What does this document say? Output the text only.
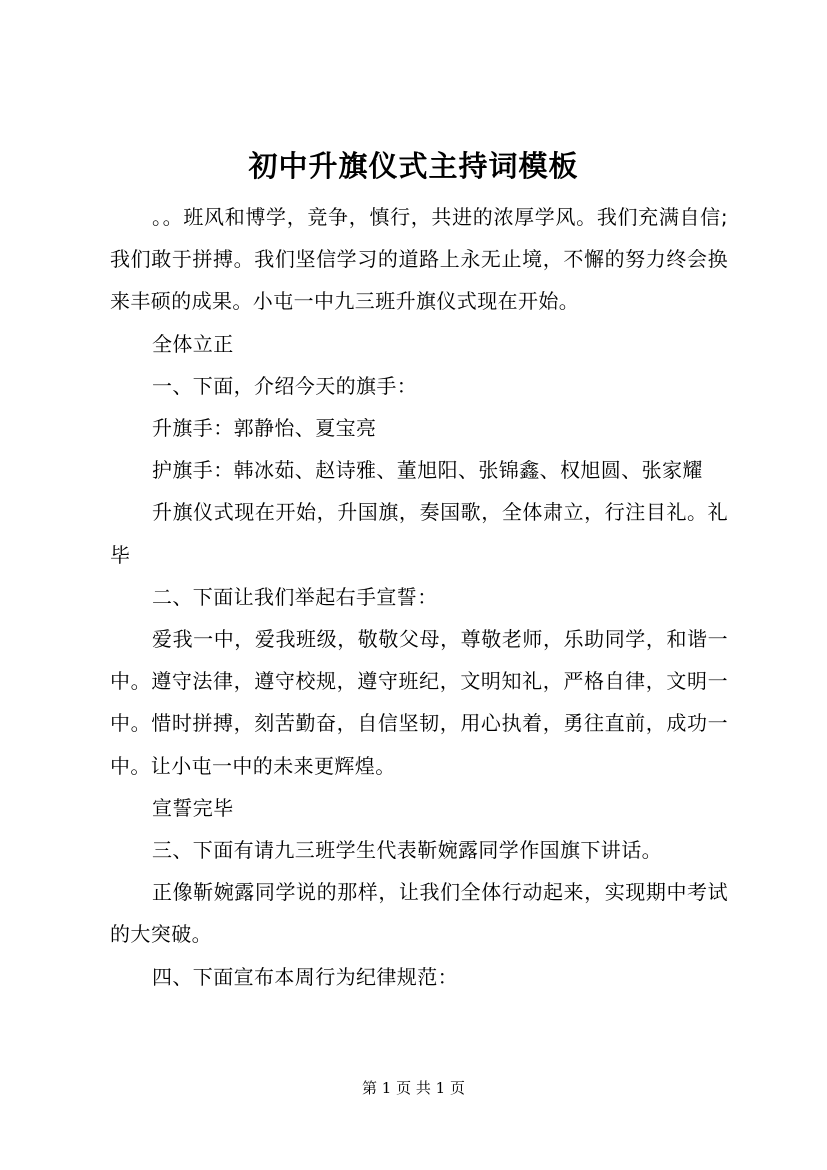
初中升旗仪式主持词模板

。。班风和博学，竞争，慎行，共进的浓厚学风。我们充满自信;我们敢于拼搏。我们坚信学习的道路上永无止境，不懈的努力终会换来丰硕的成果。小屯一中九三班升旗仪式现在开始。

全体立正

一、下面，介绍今天的旗手：

升旗手：郭静怡、夏宝亮

护旗手：韩冰茹、赵诗雅、董旭阳、张锦鑫、权旭圆、张家耀

升旗仪式现在开始，升国旗，奏国歌，全体肃立，行注目礼。礼毕

二、下面让我们举起右手宣誓：

爱我一中，爱我班级，敬敬父母，尊敬老师，乐助同学，和谐一中。遵守法律，遵守校规，遵守班纪，文明知礼，严格自律，文明一中。惜时拼搏，刻苦勤奋，自信坚韧，用心执着，勇往直前，成功一中。让小屯一中的未来更辉煌。

宣誓完毕

三、下面有请九三班学生代表靳婉露同学作国旗下讲话。

正像靳婉露同学说的那样，让我们全体行动起来，实现期中考试的大突破。

四、下面宣布本周行为纪律规范：

第 1 页 共 1 页
